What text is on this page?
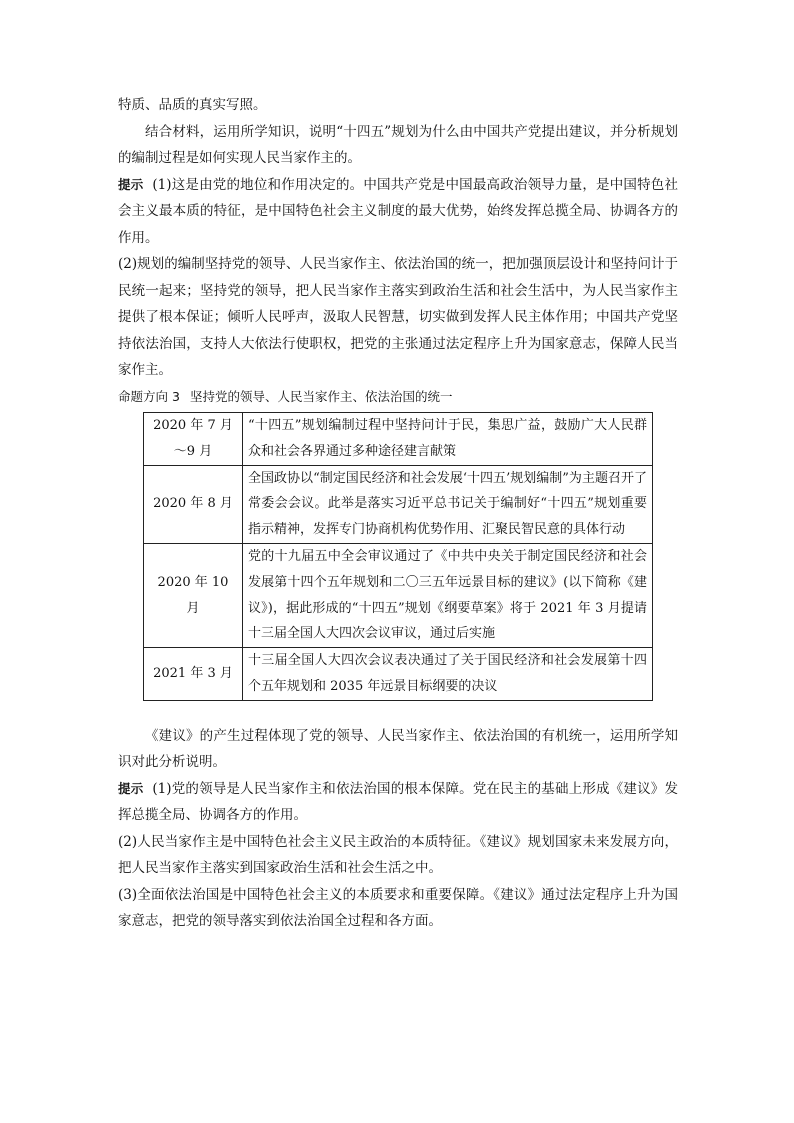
特质、品质的真实写照。

结合材料，运用所学知识，说明“十四五”规划为什么由中国共产党提出建议，并分析规划的编制过程是如何实现人民当家作主的。

提示 (1)这是由党的地位和作用决定的。中国共产党是中国最高政治领导力量，是中国特色社会主义最本质的特征，是中国特色社会主义制度的最大优势，始终发挥总揽全局、协调各方的作用。

(2)规划的编制坚持党的领导、人民当家作主、依法治国的统一，把加强顶层设计和坚持问计于民统一起来；坚持党的领导，把人民当家作主落实到政治生活和社会生活中，为人民当家作主提供了根本保证；倾听人民呼声，汲取人民智慧，切实做到发挥人民主体作用；中国共产党坚持依法治国，支持人大依法行使职权，把党的主张通过法定程序上升为国家意志，保障人民当家作主。

命题方向 3 坚持党的领导、人民当家作主、依法治国的统一

2020 年 7 月～9 月	“十四五”规划编制过程中坚持问计于民，集思广益，鼓励广大人民群众和社会各界通过多种途径建言献策
2020 年 8 月	全国政协以“制定国民经济和社会发展‘十四五’规划编制”为主题召开了常委会会议。此举是落实习近平总书记关于编制好“十四五”规划重要指示精神，发挥专门协商机构优势作用、汇聚民智民意的具体行动
2020 年 10 月	党的十九届五中全会审议通过了《中共中央关于制定国民经济和社会发展第十四个五年规划和二〇三五年远景目标的建议》(以下简称《建议》)，据此形成的“十四五”规划《纲要草案》将于 2021 年 3 月提请十三届全国人大四次会议审议，通过后实施
2021 年 3 月	十三届全国人大四次会议表决通过了关于国民经济和社会发展第十四个五年规划和 2035 年远景目标纲要的决议

《建议》的产生过程体现了党的领导、人民当家作主、依法治国的有机统一，运用所学知识对此分析说明。

提示 (1)党的领导是人民当家作主和依法治国的根本保障。党在民主的基础上形成《建议》发挥总揽全局、协调各方的作用。

(2)人民当家作主是中国特色社会主义民主政治的本质特征。《建议》规划国家未来发展方向，把人民当家作主落实到国家政治生活和社会生活之中。

(3)全面依法治国是中国特色社会主义的本质要求和重要保障。《建议》通过法定程序上升为国家意志，把党的领导落实到依法治国全过程和各方面。
